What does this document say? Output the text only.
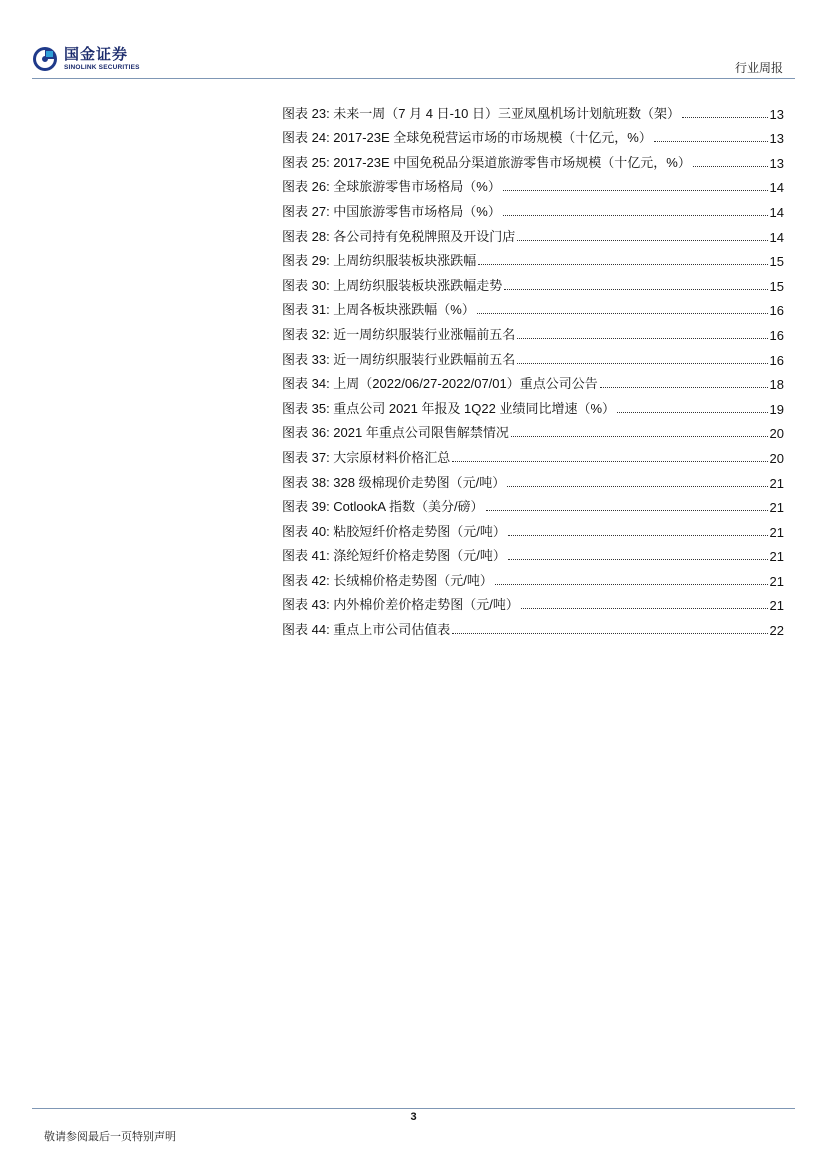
国金证券
SINOLINK SECURITIES	行业周报
图表 23: 未来一周（7 月 4 日-10 日）三亚凤凰机场计划航班数（架）	13
图表 24: 2017-23E 全球免税营运市场的市场规模（十亿元，%）	13
图表 25: 2017-23E 中国免税品分渠道旅游零售市场规模（十亿元，%）	13
图表 26: 全球旅游零售市场格局（%）	14
图表 27: 中国旅游零售市场格局（%）	14
图表 28: 各公司持有免税牌照及开设门店	14
图表 29: 上周纺织服装板块涨跌幅	15
图表 30: 上周纺织服装板块涨跌幅走势	15
图表 31: 上周各板块涨跌幅（%）	16
图表 32: 近一周纺织服装行业涨幅前五名	16
图表 33: 近一周纺织服装行业跌幅前五名	16
图表 34: 上周（2022/06/27-2022/07/01）重点公司公告	18
图表 35: 重点公司 2021 年报及 1Q22 业绩同比增速（%）	19
图表 36: 2021 年重点公司限售解禁情况	20
图表 37: 大宗原材料价格汇总	20
图表 38: 328 级棉现价走势图（元/吨）	21
图表 39: CotlookA 指数（美分/磅）	21
图表 40: 粘胶短纤价格走势图（元/吨）	21
图表 41: 涤纶短纤价格走势图（元/吨）	21
图表 42: 长绒棉价格走势图（元/吨）	21
图表 43: 内外棉价差价格走势图（元/吨）	21
图表 44: 重点上市公司估值表	22
3
敬请参阅最后一页特别声明
